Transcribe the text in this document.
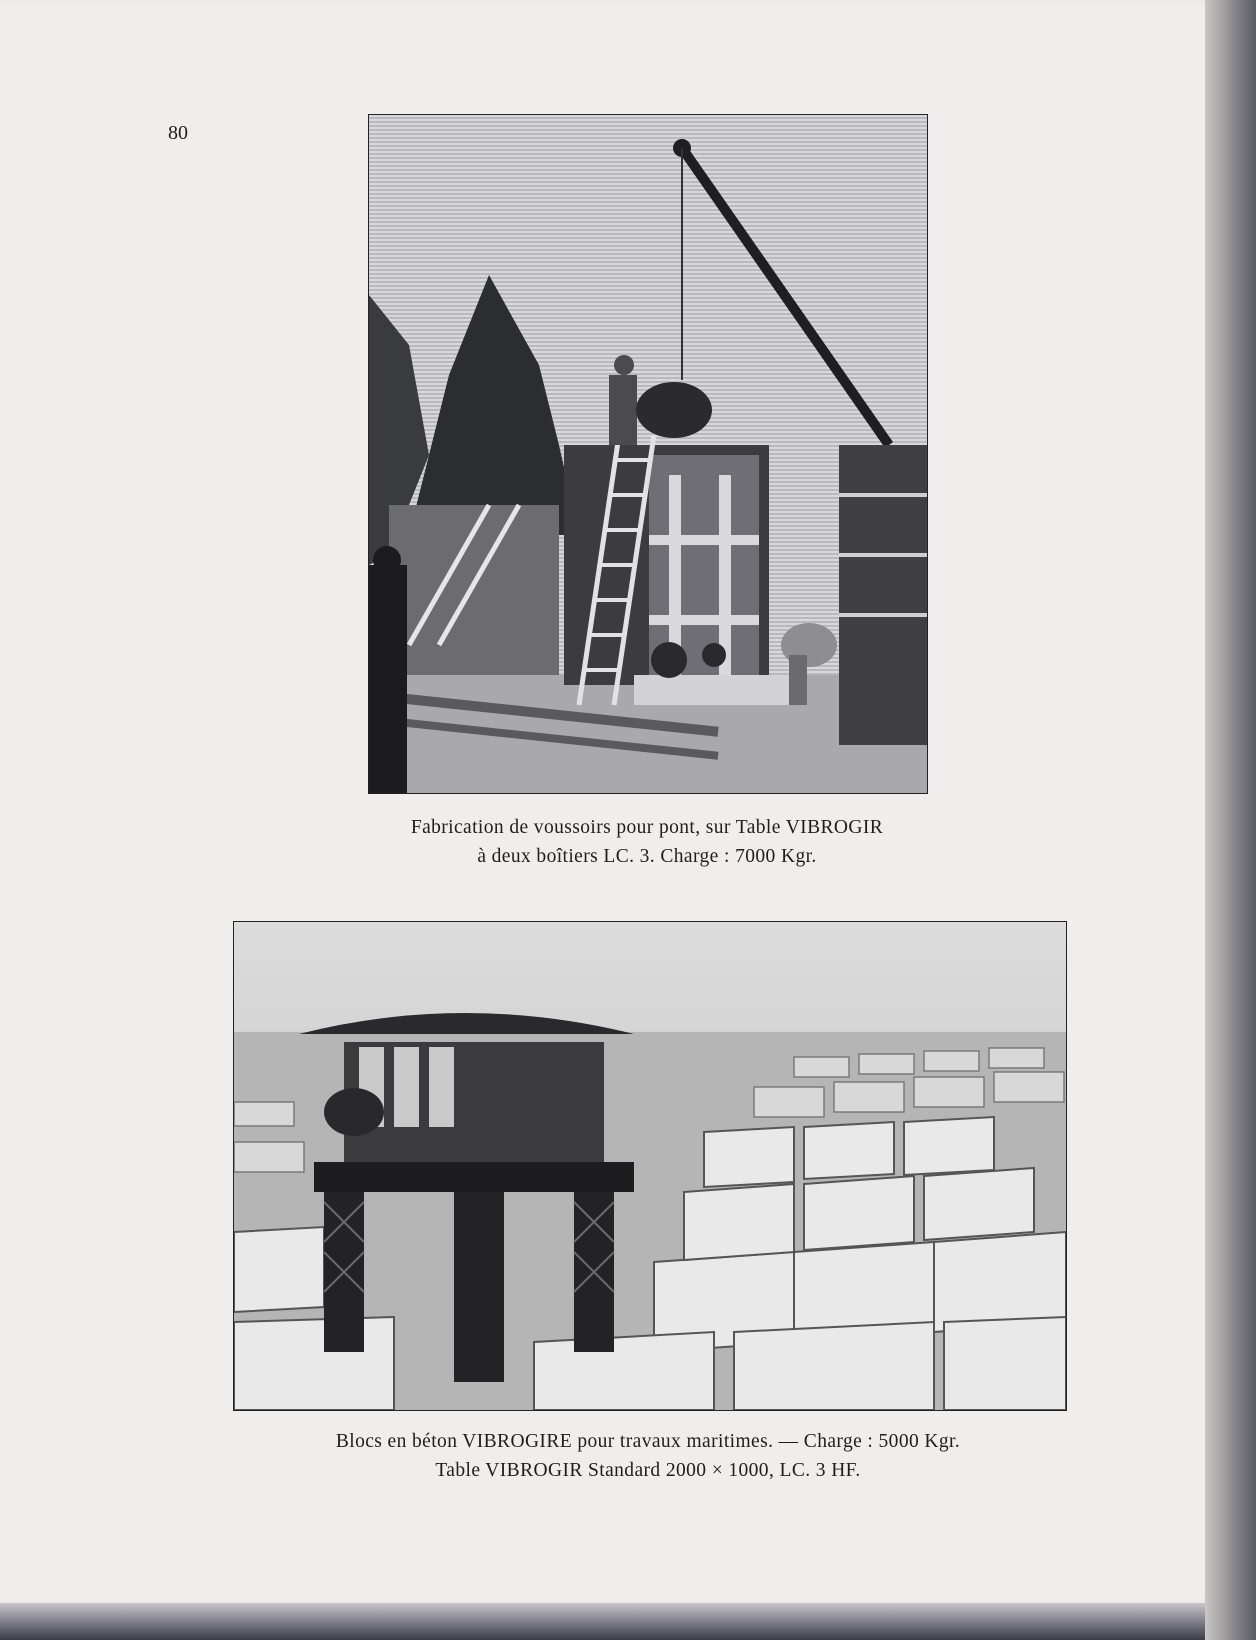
80
Fabrication de voussoirs pour pont, sur Table VIBROGIR
à deux boîtiers LC. 3. Charge : 7000 Kgr.
Blocs en béton VIBROGIRE pour travaux maritimes. — Charge : 5000 Kgr.
Table VIBROGIR Standard 2000 × 1000, LC. 3 HF.
